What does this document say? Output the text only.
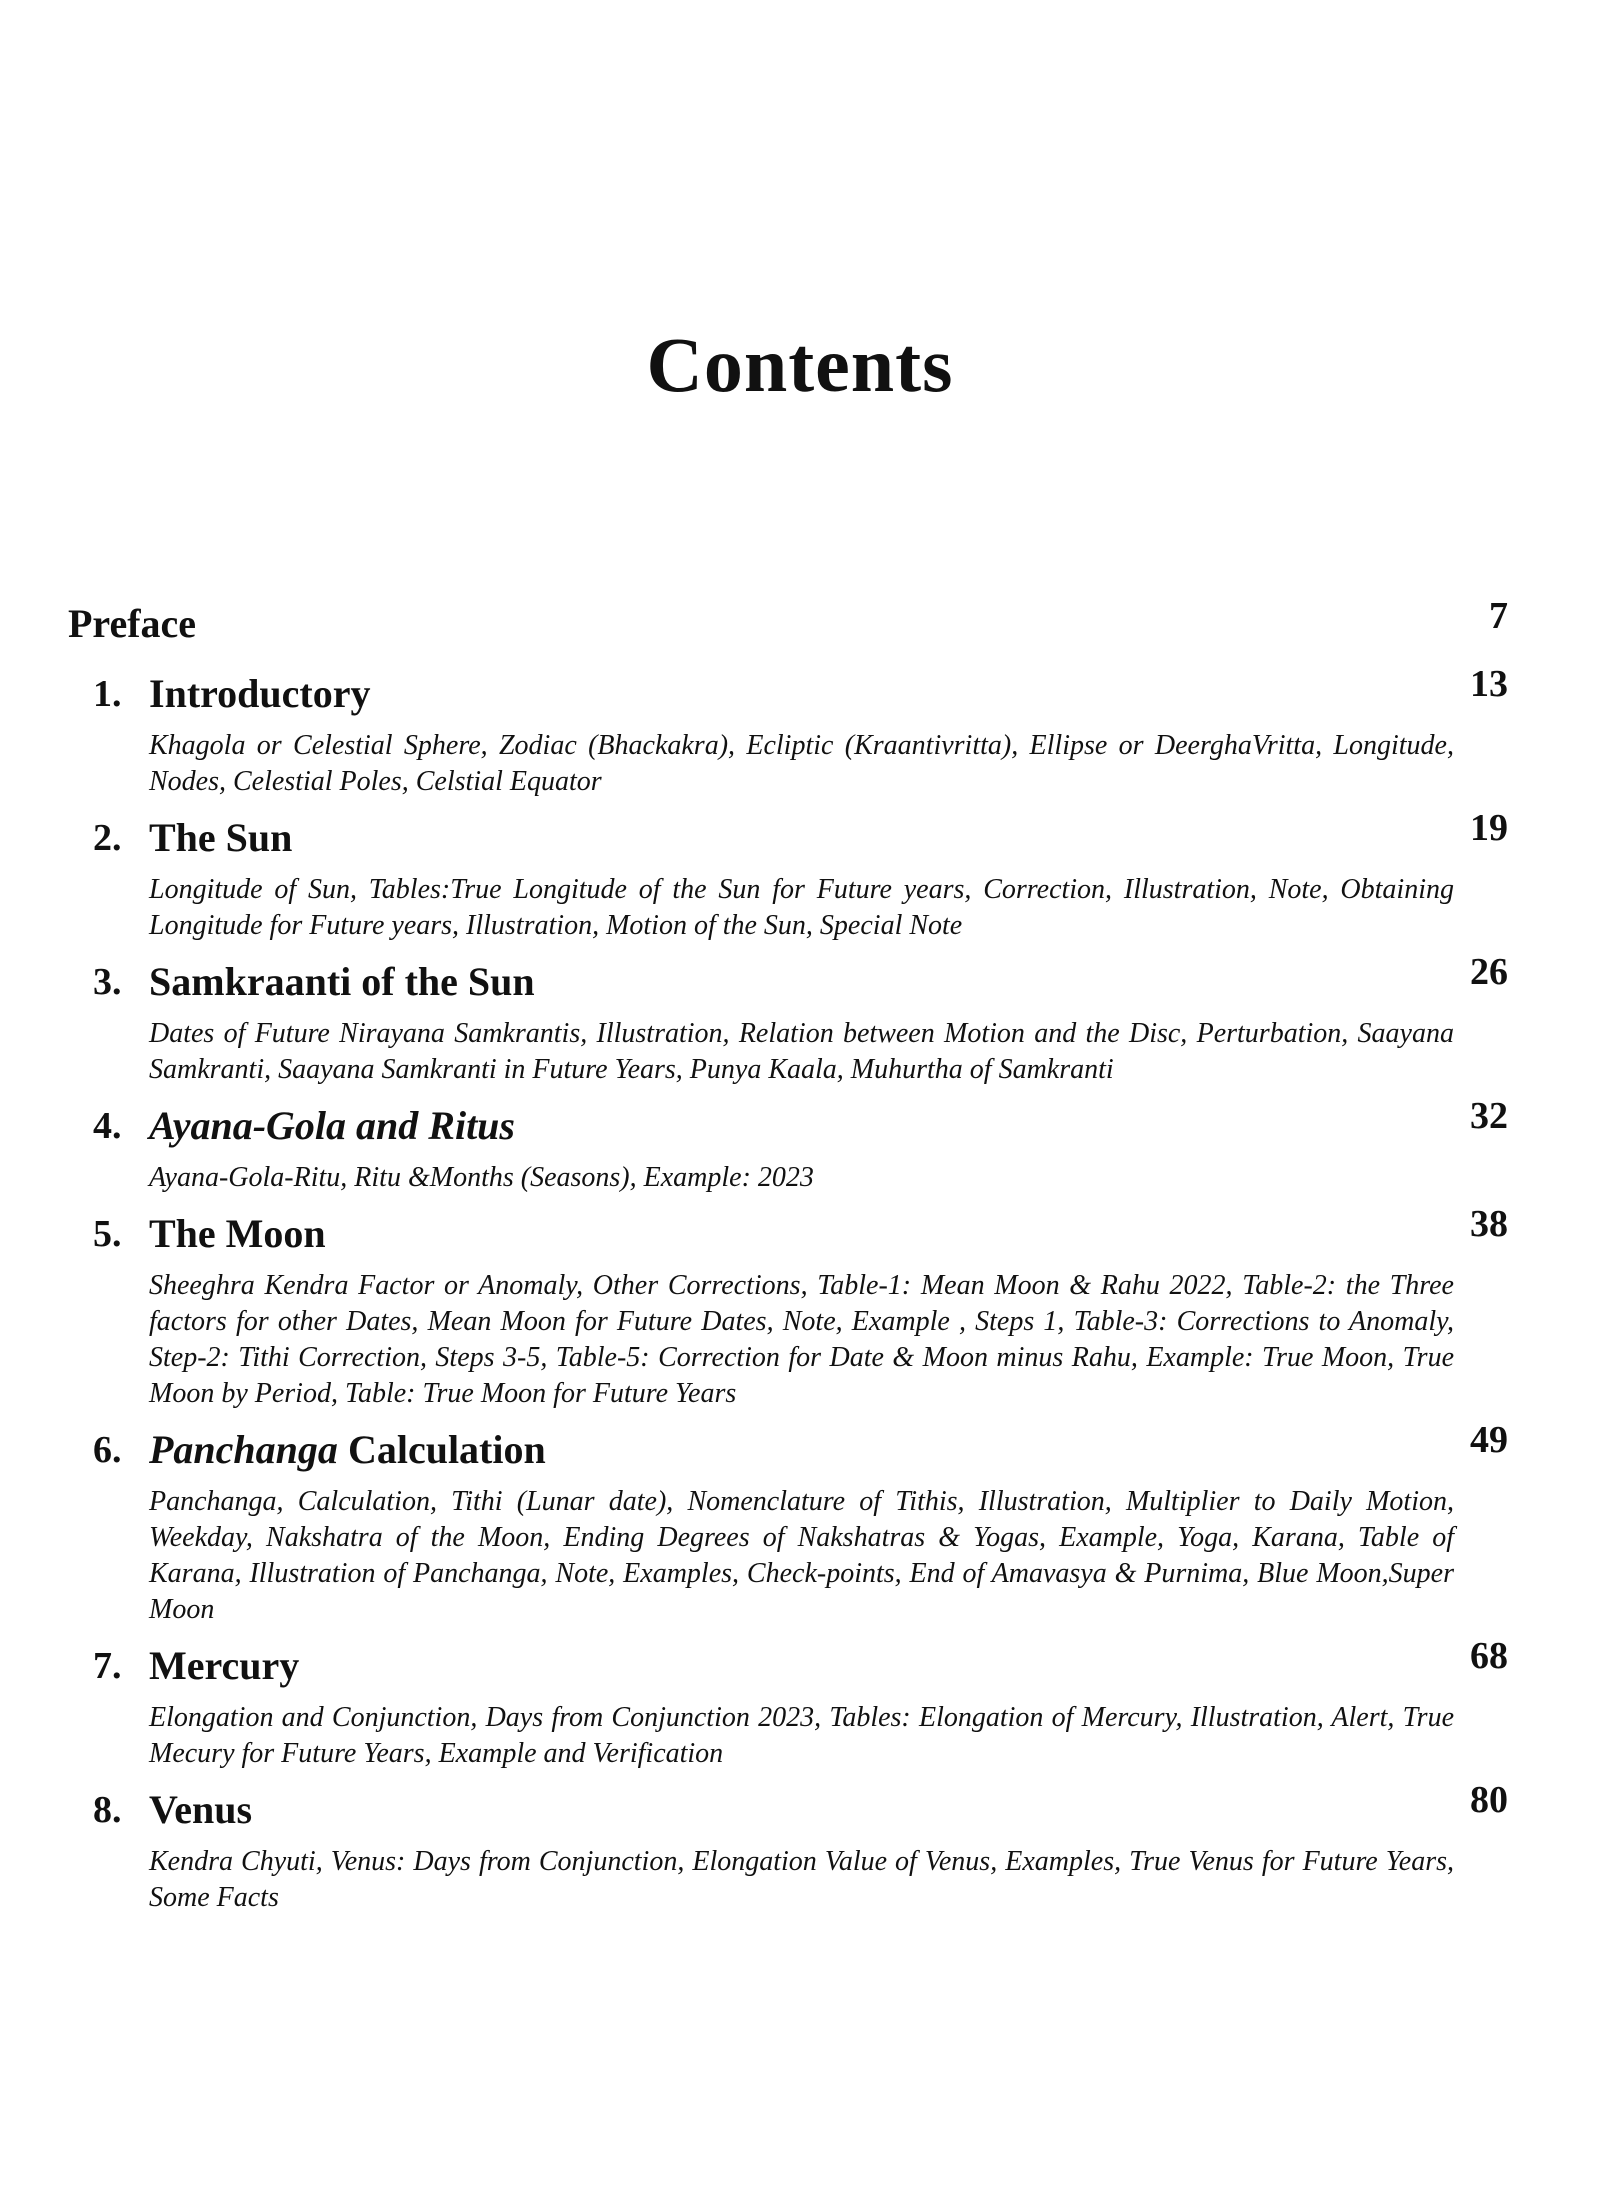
Contents
Preface	7
1. Introductory	13
Khagola or Celestial Sphere, Zodiac (Bhackakra), Ecliptic (Kraantivritta), Ellipse or DeerghaVritta, Longitude, Nodes, Celestial Poles, Celstial Equator
2. The Sun	19
Longitude of Sun, Tables:True Longitude of the Sun for Future years, Correction, Illustration, Note, Obtaining Longitude for Future years, Illustration, Motion of the Sun, Special Note
3. Samkraanti of the Sun	26
Dates of Future Nirayana Samkrantis, Illustration, Relation between Motion and the Disc, Perturbation, Saayana Samkranti, Saayana Samkranti in Future Years, Punya Kaala, Muhurtha of Samkranti
4. Ayana-Gola and Ritus	32
Ayana-Gola-Ritu, Ritu &Months (Seasons), Example: 2023
5. The Moon	38
Sheeghra Kendra Factor or Anomaly, Other Corrections, Table-1: Mean Moon & Rahu 2022, Table-2: the Three factors for other Dates, Mean Moon for Future Dates, Note, Example , Steps 1, Table-3: Corrections to Anomaly, Step-2: Tithi Correction, Steps 3-5, Table-5: Correction for Date & Moon minus Rahu, Example: True Moon, True Moon by Period, Table: True Moon for Future Years
6. Panchanga Calculation	49
Panchanga, Calculation, Tithi (Lunar date), Nomenclature of Tithis, Illustration, Multiplier to Daily Motion, Weekday, Nakshatra of the Moon, Ending Degrees of Nakshatras & Yogas, Example, Yoga, Karana, Table of Karana, Illustration of Panchanga, Note, Examples, Check-points, End of Amavasya & Purnima, Blue Moon,Super Moon
7. Mercury	68
Elongation and Conjunction, Days from Conjunction 2023, Tables: Elongation of Mercury, Illustration, Alert, True Mecury for Future Years, Example and Verification
8. Venus	80
Kendra Chyuti, Venus: Days from Conjunction, Elongation Value of Venus, Examples, True Venus for Future Years, Some Facts
